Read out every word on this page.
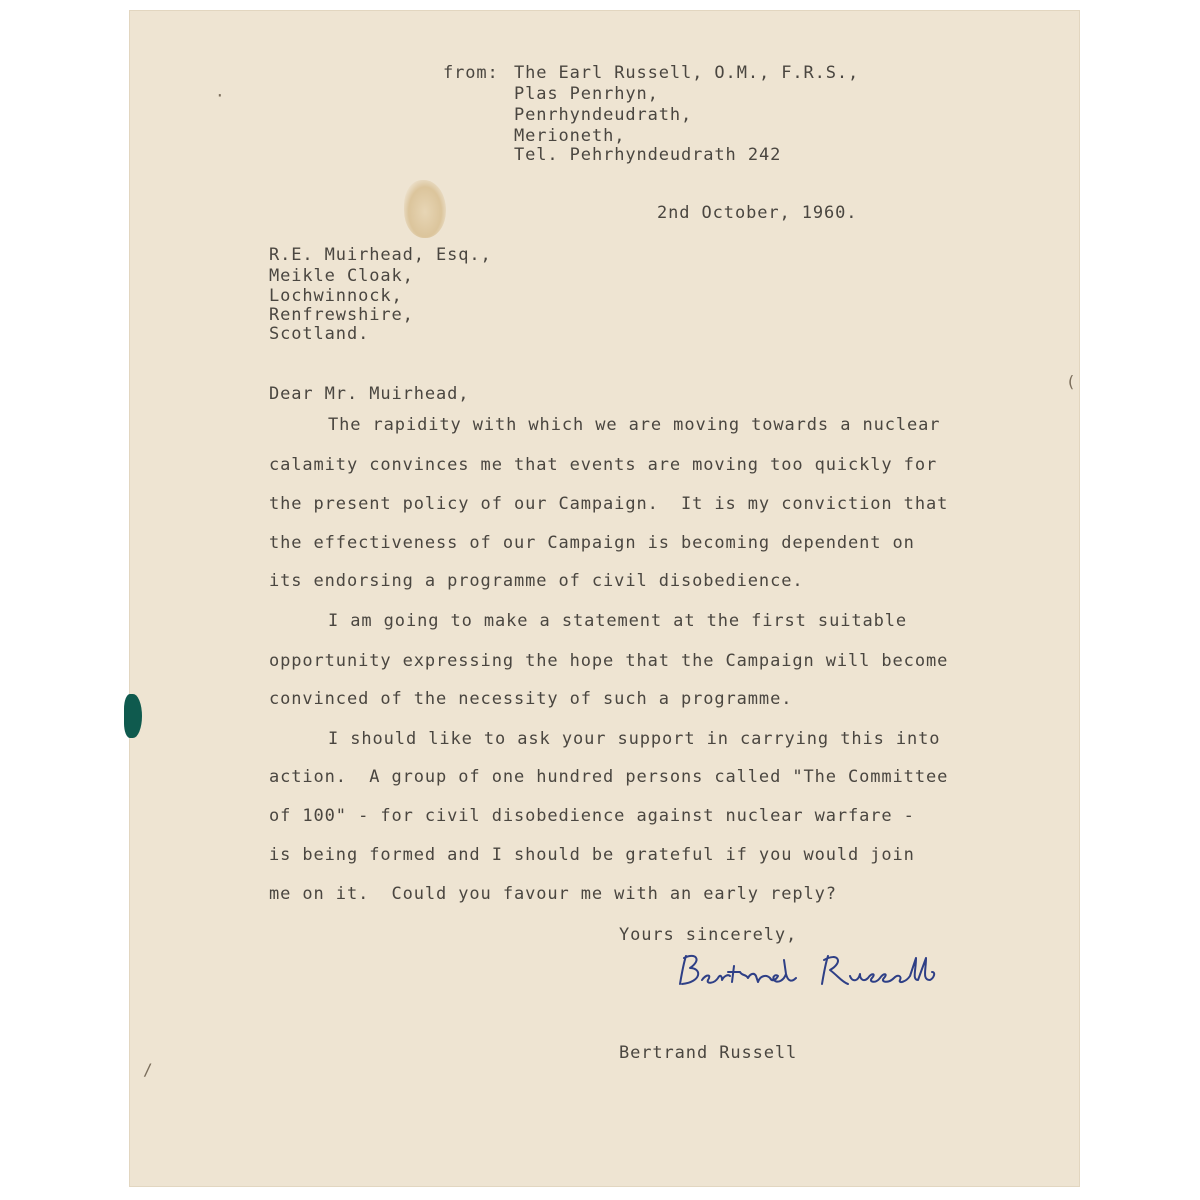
(
·
/
from: The Earl Russell, O.M., F.R.S.,
Plas Penrhyn,
Penrhyndeudrath,
Merioneth,
Tel. Pehrhyndeudrath 242
2nd October, 1960.
R.E. Muirhead, Esq.,
Meikle Cloak,
Lochwinnock,
Renfrewshire,
Scotland.
Dear Mr. Muirhead,
The rapidity with which we are moving towards a nuclear
calamity convinces me that events are moving too quickly for
the present policy of our Campaign.  It is my conviction that
the effectiveness of our Campaign is becoming dependent on
its endorsing a programme of civil disobedience.
I am going to make a statement at the first suitable
opportunity expressing the hope that the Campaign will become
convinced of the necessity of such a programme.
I should like to ask your support in carrying this into
action.  A group of one hundred persons called "The Committee
of 100" - for civil disobedience against nuclear warfare -
is being formed and I should be grateful if you would join
me on it.  Could you favour me with an early reply?
Yours sincerely,
Bertrand Russell
